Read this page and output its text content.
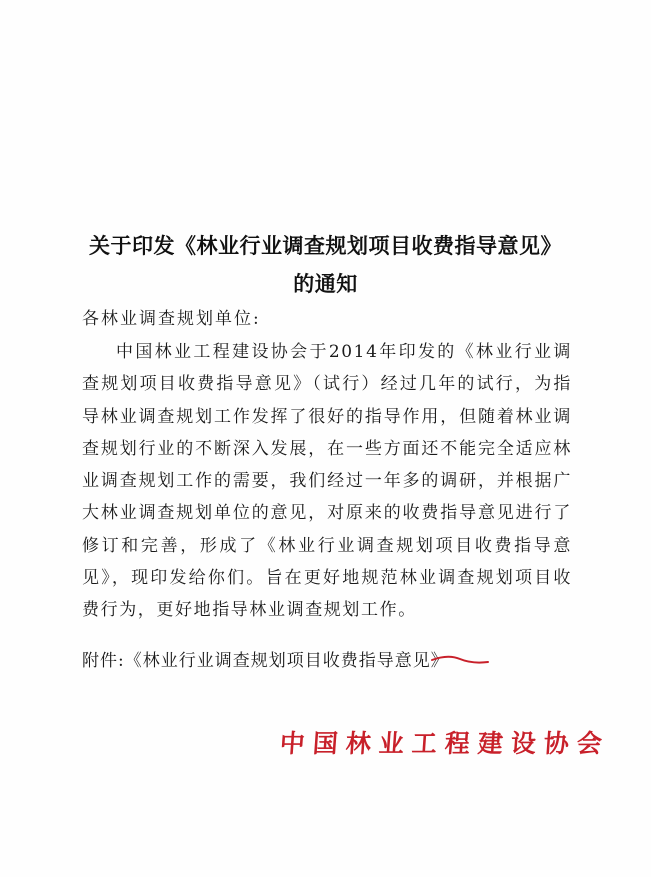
关于印发《林业行业调查规划项目收费指导意见》
的通知
各林业调查规划单位:

中国林业工程建设协会于2014年印发的《林业行业调查规划项目收费指导意见》（试行）经过几年的试行，为指导林业调查规划工作发挥了很好的指导作用，但随着林业调查规划行业的不断深入发展，在一些方面还不能完全适应林业调查规划工作的需要，我们经过一年多的调研，并根据广大林业调查规划单位的意见，对原来的收费指导意见进行了修订和完善，形成了《林业行业调查规划项目收费指导意见》，现印发给你们。旨在更好地规范林业调查规划项目收费行为，更好地指导林业调查规划工作。

附件:《林业行业调查规划项目收费指导意见》
中国林业工程建设协会
